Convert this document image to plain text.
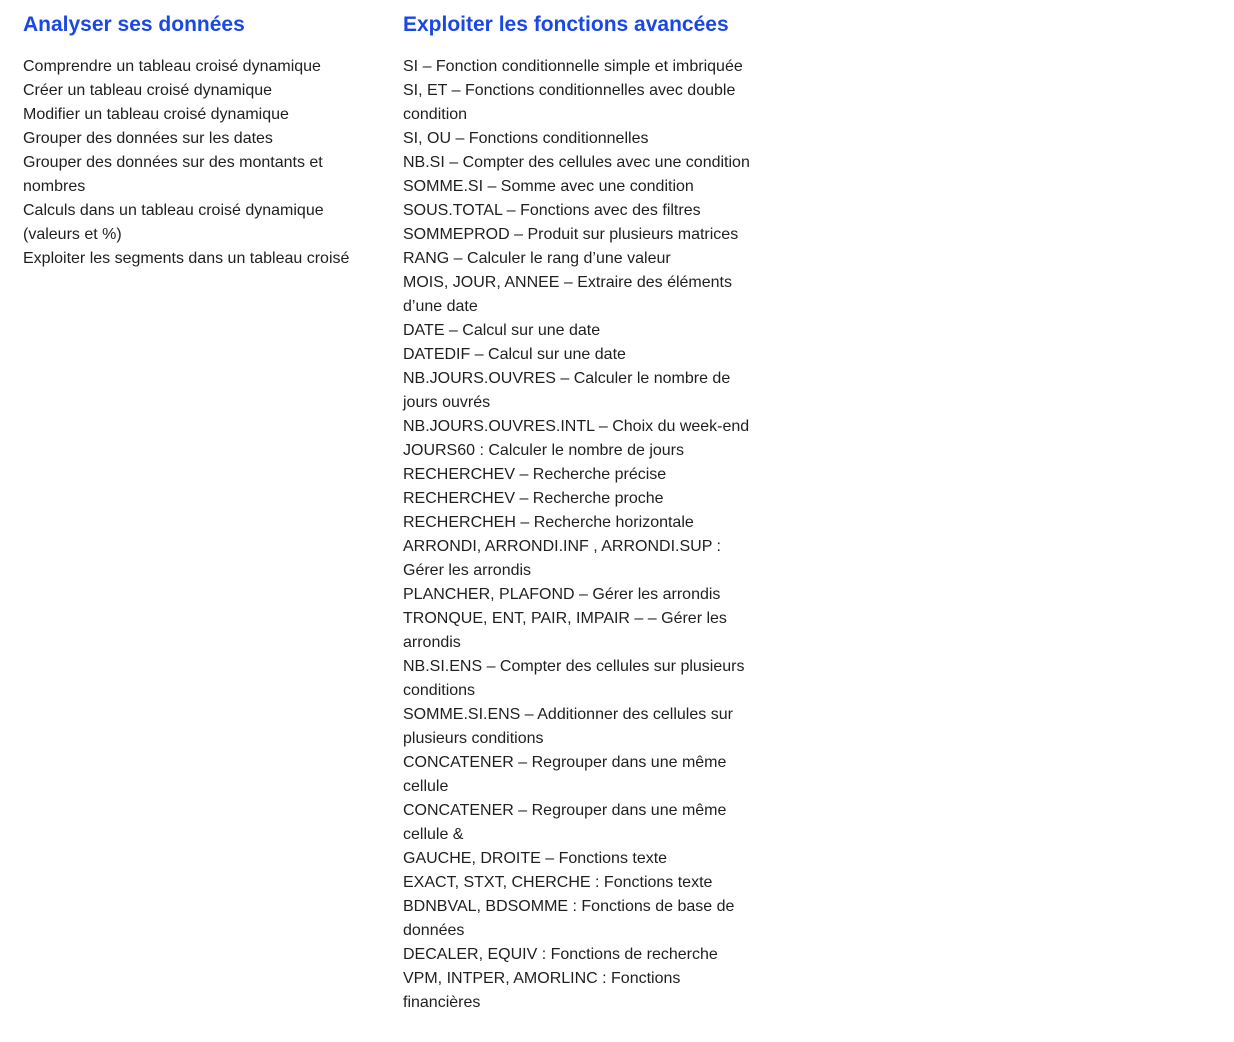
Analyser ses données
Comprendre un tableau croisé dynamique
Créer un tableau croisé dynamique
Modifier un tableau croisé dynamique
Grouper des données sur les dates
Grouper des données sur des montants et nombres
Calculs dans un tableau croisé dynamique (valeurs et %)
Exploiter les segments dans un tableau croisé
Exploiter les fonctions avancées
SI – Fonction conditionnelle simple et imbriquée
SI, ET – Fonctions conditionnelles avec double condition
SI, OU – Fonctions conditionnelles
NB.SI – Compter des cellules avec une condition
SOMME.SI – Somme avec une condition
SOUS.TOTAL – Fonctions avec des filtres
SOMMEPROD – Produit sur plusieurs matrices
RANG – Calculer le rang d’une valeur
MOIS, JOUR, ANNEE – Extraire des éléments d’une date
DATE – Calcul sur une date
DATEDIF – Calcul sur une date
NB.JOURS.OUVRES – Calculer le nombre de jours ouvrés
NB.JOURS.OUVRES.INTL – Choix du week-end
JOURS60 : Calculer le nombre de jours
RECHERCHEV – Recherche précise
RECHERCHEV – Recherche proche
RECHERCHEH – Recherche horizontale
ARRONDI, ARRONDI.INF , ARRONDI.SUP : Gérer les arrondis
PLANCHER, PLAFOND – Gérer les arrondis
TRONQUE, ENT, PAIR, IMPAIR – – Gérer les arrondis
NB.SI.ENS – Compter des cellules sur plusieurs conditions
SOMME.SI.ENS – Additionner des cellules sur plusieurs conditions
CONCATENER – Regrouper dans une même cellule
CONCATENER – Regrouper dans une même cellule &
GAUCHE, DROITE – Fonctions texte
EXACT, STXT, CHERCHE : Fonctions texte
BDNBVAL, BDSOMME : Fonctions de base de données
DECALER, EQUIV : Fonctions de recherche
VPM, INTPER, AMORLINC : Fonctions financières
